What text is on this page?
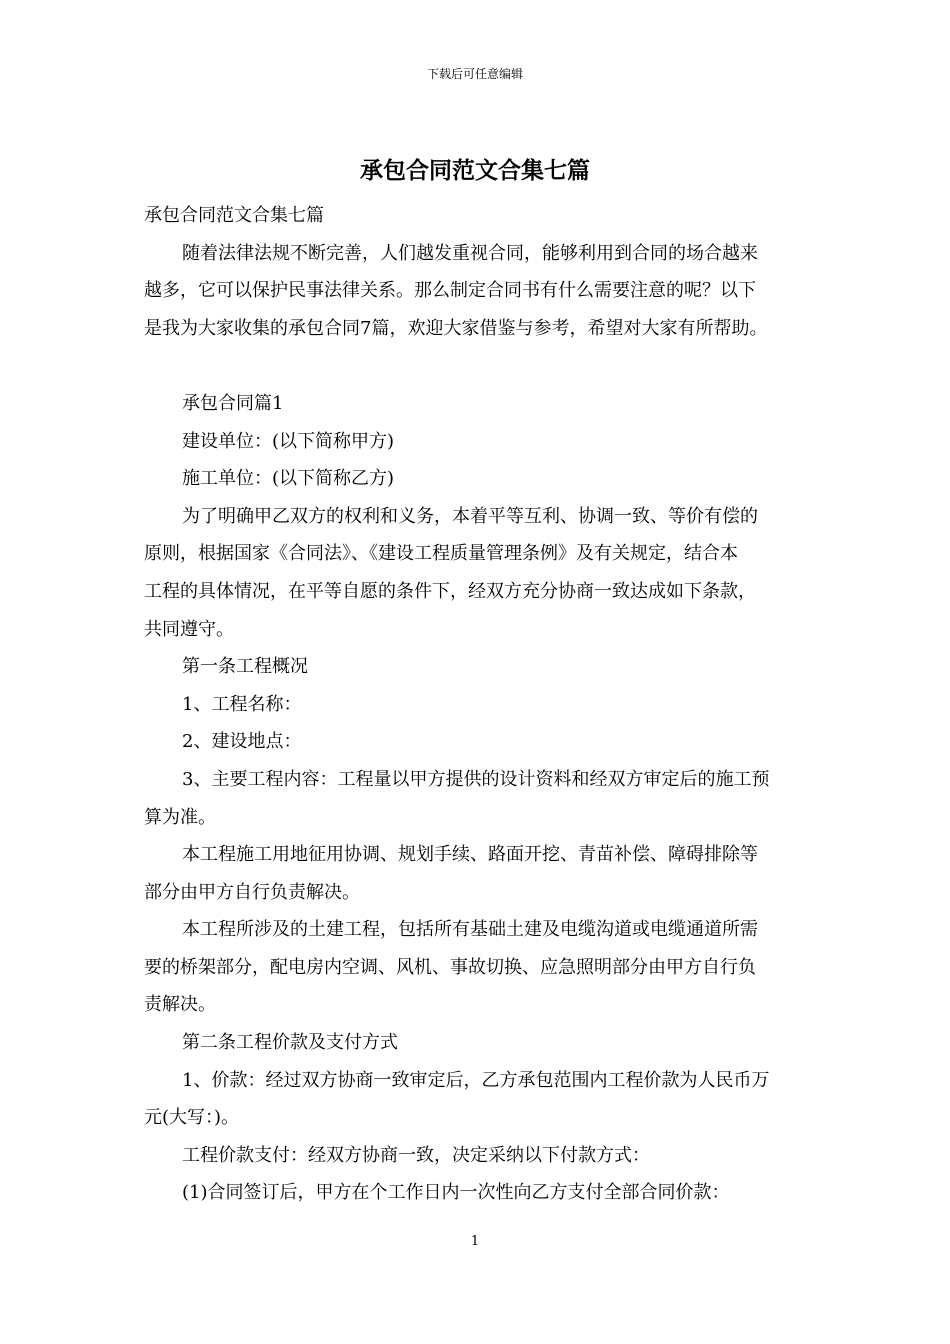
下载后可任意编辑
承包合同范文合集七篇

承包合同范文合集七篇

随着法律法规不断完善，人们越发重视合同，能够利用到合同的场合越来

越多，它可以保护民事法律关系。那么制定合同书有什么需要注意的呢？以下

是我为大家收集的承包合同7篇，欢迎大家借鉴与参考，希望对大家有所帮助。

承包合同篇1

建设单位：(以下简称甲方)

施工单位：(以下简称乙方)

为了明确甲乙双方的权利和义务，本着平等互利、协调一致、等价有偿的

原则，根据国家《合同法》、《建设工程质量管理条例》及有关规定，结合本

工程的具体情况，在平等自愿的条件下，经双方充分协商一致达成如下条款，

共同遵守。

第一条工程概况

1、工程名称：

2、建设地点：

3、主要工程内容：工程量以甲方提供的设计资料和经双方审定后的施工预

算为准。

本工程施工用地征用协调、规划手续、路面开挖、青苗补偿、障碍排除等

部分由甲方自行负责解决。

本工程所涉及的土建工程，包括所有基础土建及电缆沟道或电缆通道所需

要的桥架部分，配电房内空调、风机、事故切换、应急照明部分由甲方自行负

责解决。

第二条工程价款及支付方式

1、价款：经过双方协商一致审定后，乙方承包范围内工程价款为人民币万

元(大写：)。

工程价款支付：经双方协商一致，决定采纳以下付款方式：

(1)合同签订后，甲方在个工作日内一次性向乙方支付全部合同价款：

1
